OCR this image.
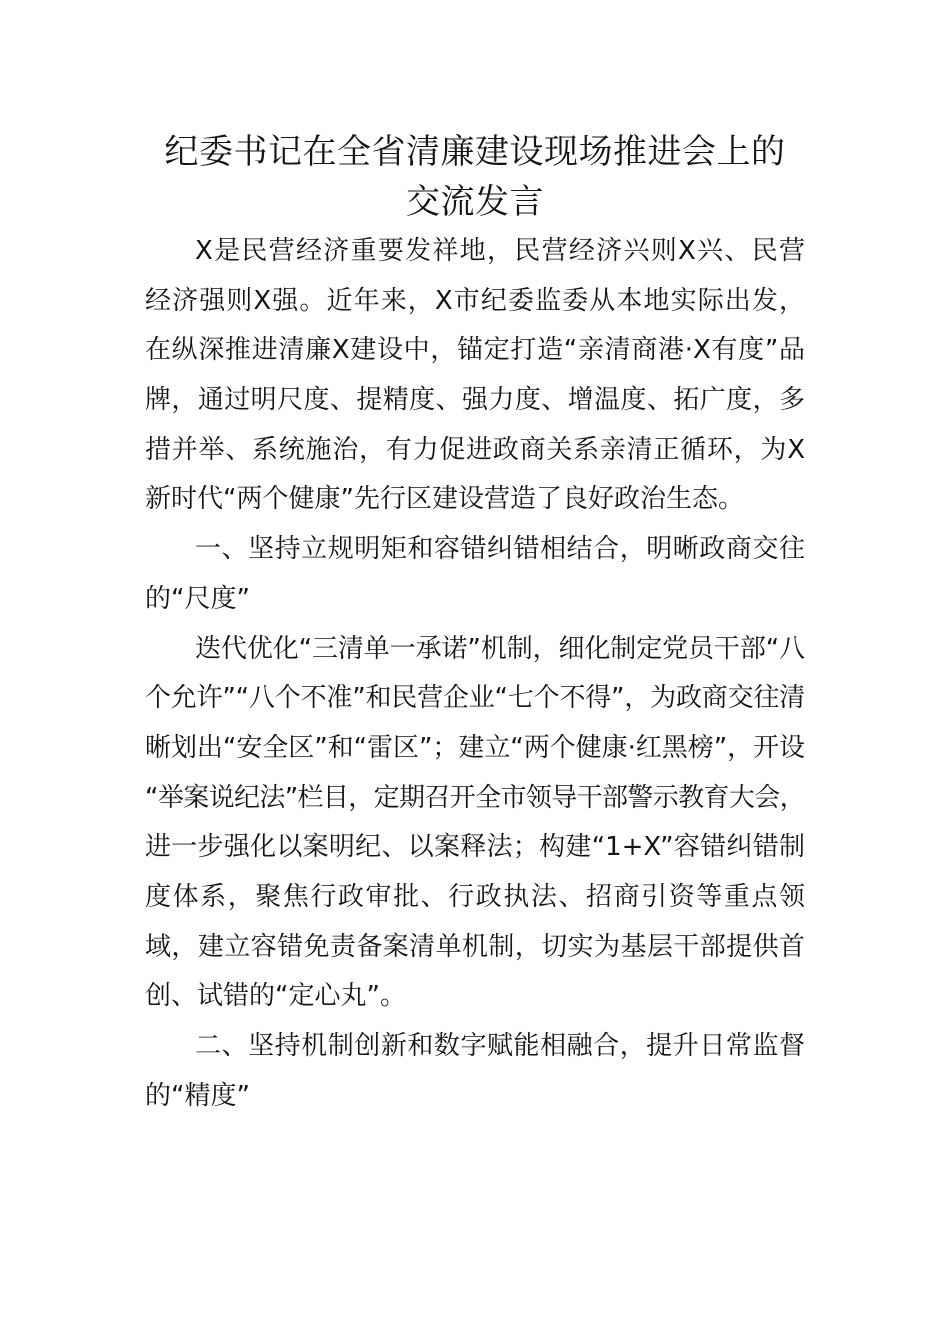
纪委书记在全省清廉建设现场推进会上的
交流发言
X是民营经济重要发祥地，民营经济兴则X兴、民营
经济强则X强。近年来，X市纪委监委从本地实际出发，
在纵深推进清廉X建设中，锚定打造“亲清商港·X有度”品
牌，通过明尺度、提精度、强力度、增温度、拓广度，多
措并举、系统施治，有力促进政商关系亲清正循环，为X
新时代“两个健康”先行区建设营造了良好政治生态。
一、坚持立规明矩和容错纠错相结合，明晰政商交往
的“尺度”
迭代优化“三清单一承诺”机制，细化制定党员干部“八
个允许”“八个不准”和民营企业“七个不得”，为政商交往清
晰划出“安全区”和“雷区”；建立“两个健康·红黑榜”，开设
“举案说纪法”栏目，定期召开全市领导干部警示教育大会，
进一步强化以案明纪、以案释法；构建“1+X”容错纠错制
度体系，聚焦行政审批、行政执法、招商引资等重点领
域，建立容错免责备案清单机制，切实为基层干部提供首
创、试错的“定心丸”。
二、坚持机制创新和数字赋能相融合，提升日常监督
的“精度”
